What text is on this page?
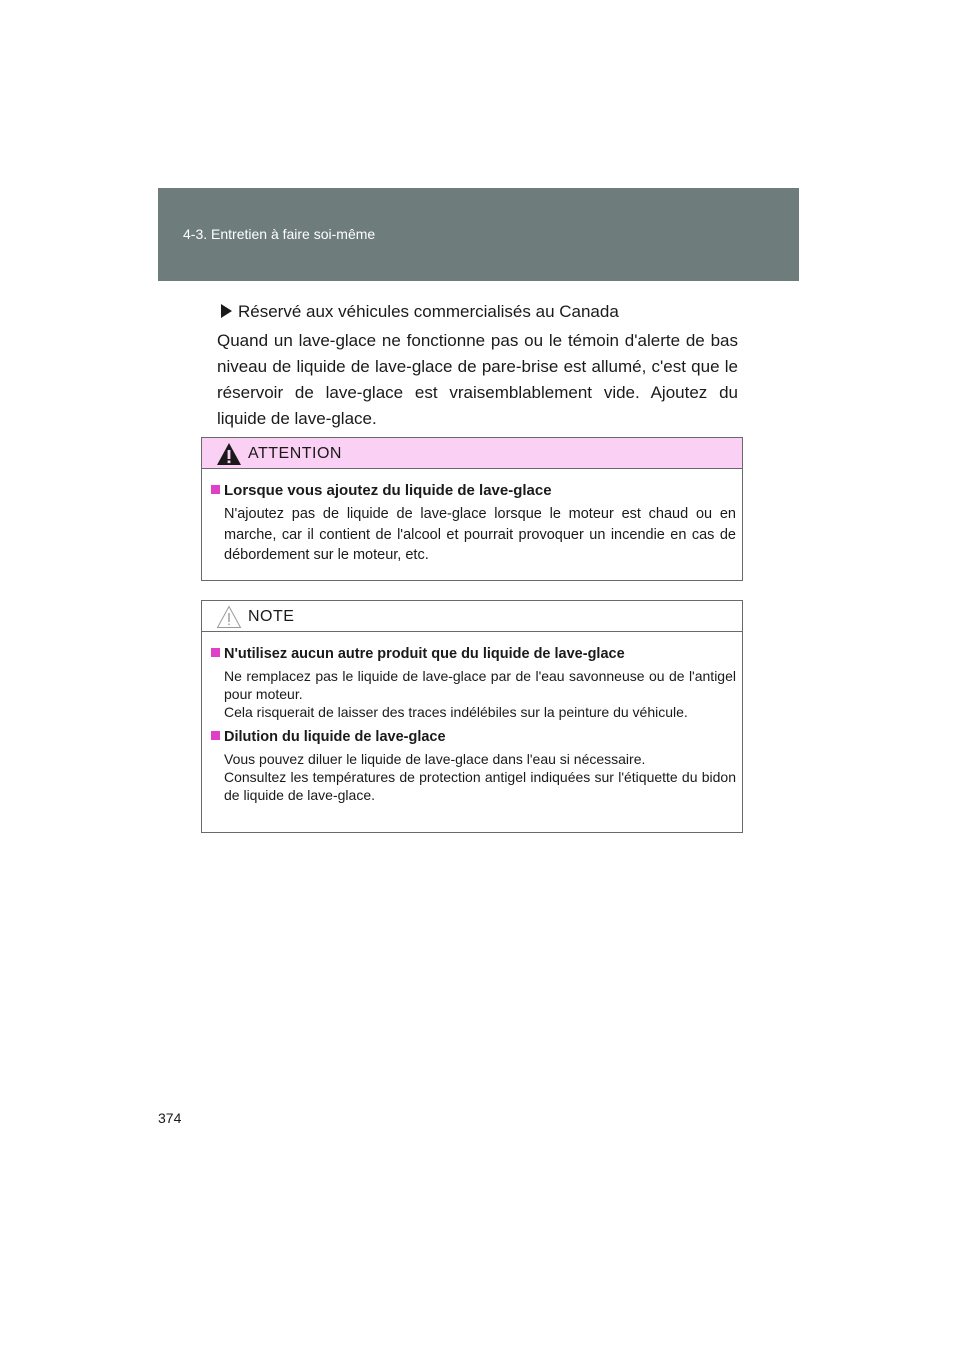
4-3. Entretien à faire soi-même
Réservé aux véhicules commercialisés au Canada
Quand un lave-glace ne fonctionne pas ou le témoin d'alerte de bas niveau de liquide de lave-glace de pare-brise est allumé, c'est que le réservoir de lave-glace est vraisemblablement vide. Ajoutez du liquide de lave-glace.
ATTENTION
Lorsque vous ajoutez du liquide de lave-glace
N'ajoutez pas de liquide de lave-glace lorsque le moteur est chaud ou en marche, car il contient de l'alcool et pourrait provoquer un incendie en cas de débordement sur le moteur, etc.
NOTE
N'utilisez aucun autre produit que du liquide de lave-glace
Ne remplacez pas le liquide de lave-glace par de l'eau savonneuse ou de l'antigel pour moteur.
Cela risquerait de laisser des traces indélébiles sur la peinture du véhicule.
Dilution du liquide de lave-glace
Vous pouvez diluer le liquide de lave-glace dans l'eau si nécessaire.
Consultez les températures de protection antigel indiquées sur l'étiquette du bidon de liquide de lave-glace.
374
